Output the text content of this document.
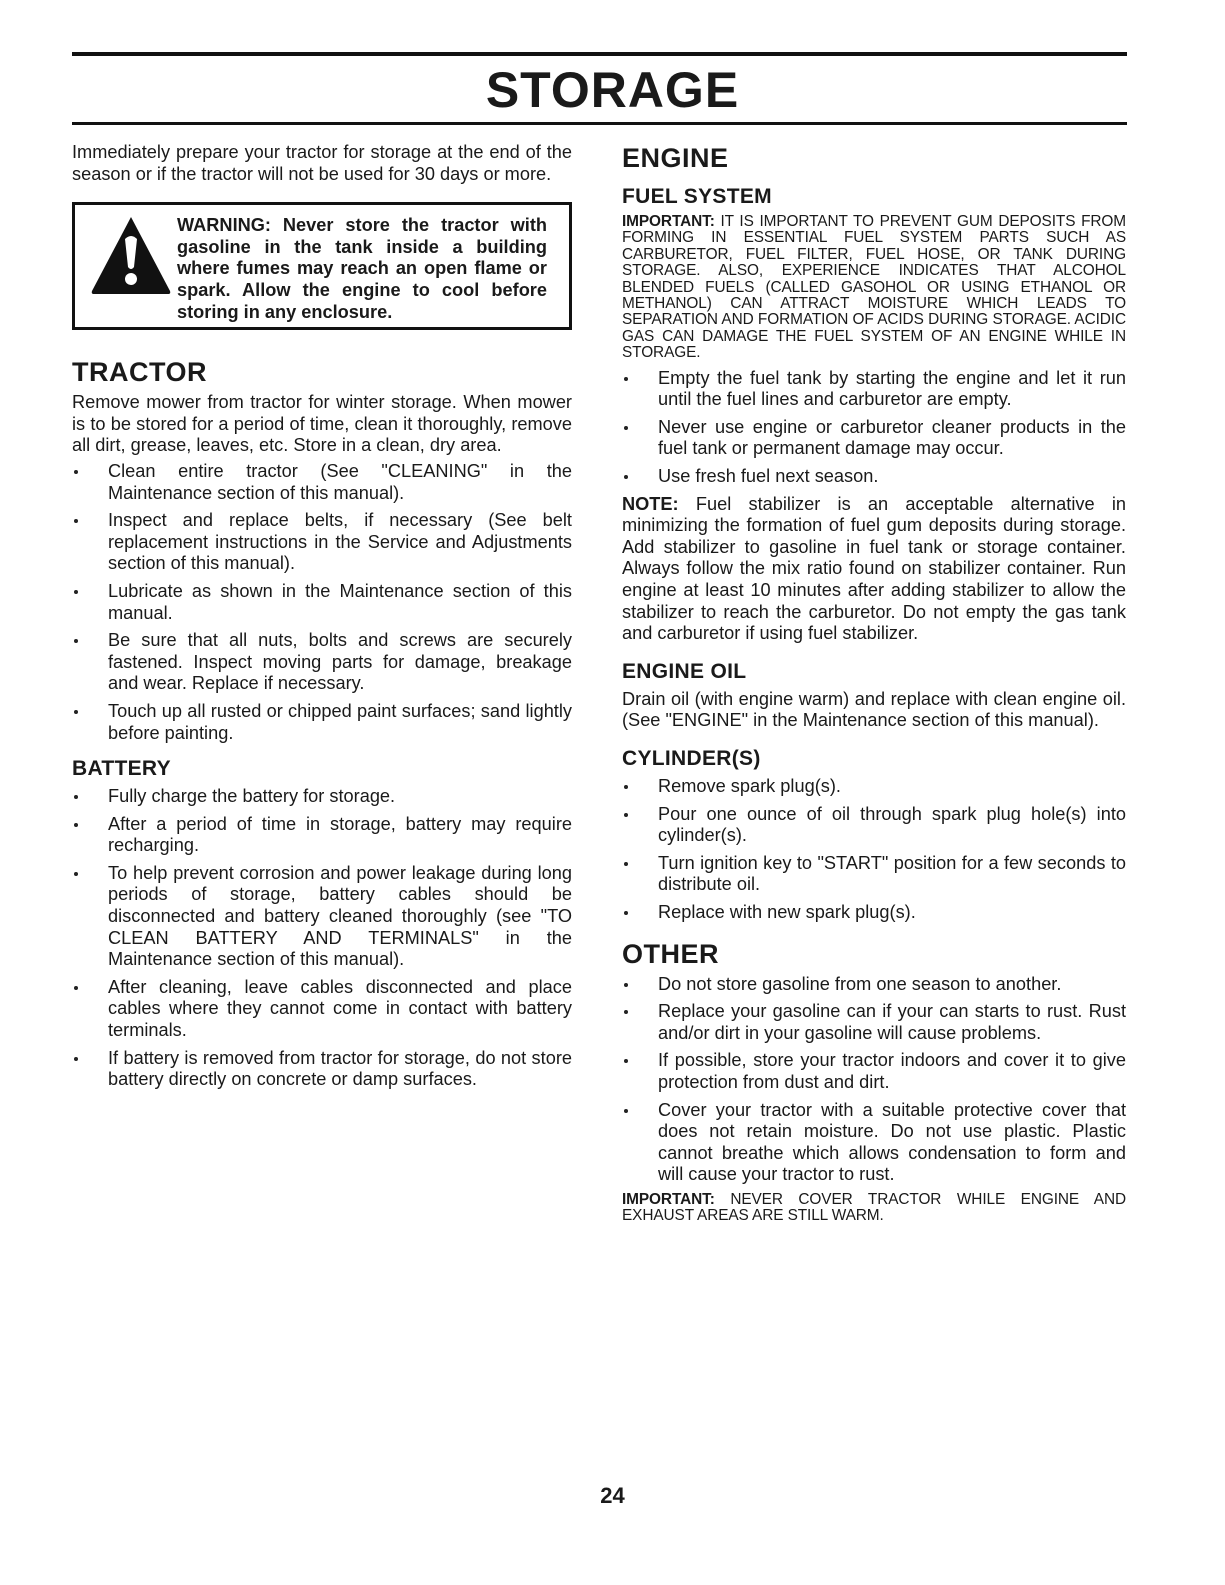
STORAGE

Immediately prepare your tractor for storage at the end of the season or if the tractor will not be used for 30 days or more.

WARNING: Never store the tractor with gasoline in the tank inside a building where fumes may reach an open flame or spark. Allow the engine to cool before storing in any enclosure.

TRACTOR

Remove mower from tractor for winter storage. When mower is to be stored for a period of time, clean it thoroughly, remove all dirt, grease, leaves, etc. Store in a clean, dry area.

Clean entire tractor (See "CLEANING" in the Maintenance section of this manual).
Inspect and replace belts, if necessary (See belt replacement instructions in the Service and Adjustments section of this manual).
Lubricate as shown in the Maintenance section of this manual.
Be sure that all nuts, bolts and screws are securely fastened. Inspect moving parts for damage, breakage and wear. Replace if necessary.
Touch up all rusted or chipped paint surfaces; sand lightly before painting.
BATTERY
Fully charge the battery for storage.
After a period of time in storage, battery may require recharging.
To help prevent corrosion and power leakage during long periods of storage, battery cables should be disconnected and battery cleaned thoroughly (see "TO CLEAN BATTERY AND TERMINALS" in the Maintenance section of this manual).
After cleaning, leave cables disconnected and place cables where they cannot come in contact with battery terminals.
If battery is removed from tractor for storage, do not store battery directly on concrete or damp surfaces.
ENGINE
FUEL SYSTEM

IMPORTANT: IT IS IMPORTANT TO PREVENT GUM DEPOSITS FROM FORMING IN ESSENTIAL FUEL SYSTEM PARTS SUCH AS CARBURETOR, FUEL FILTER, FUEL HOSE, OR TANK DURING STORAGE. ALSO, EXPERIENCE INDICATES THAT ALCOHOL BLENDED FUELS (CALLED GASOHOL OR USING ETHANOL OR METHANOL) CAN ATTRACT MOISTURE WHICH LEADS TO SEPARATION AND FORMATION OF ACIDS DURING STORAGE. ACIDIC GAS CAN DAMAGE THE FUEL SYSTEM OF AN ENGINE WHILE IN STORAGE.

Empty the fuel tank by starting the engine and let it run until the fuel lines and carburetor are empty.
Never use engine or carburetor cleaner products in the fuel tank or permanent damage may occur.
Use fresh fuel next season.

NOTE: Fuel stabilizer is an acceptable alternative in minimizing the formation of fuel gum deposits during storage. Add stabilizer to gasoline in fuel tank or storage container. Always follow the mix ratio found on stabilizer container. Run engine at least 10 minutes after adding stabilizer to allow the stabilizer to reach the carburetor. Do not empty the gas tank and carburetor if using fuel stabilizer.

ENGINE OIL

Drain oil (with engine warm) and replace with clean engine oil. (See "ENGINE" in the Maintenance section of this manual).

CYLINDER(S)
Remove spark plug(s).
Pour one ounce of oil through spark plug hole(s) into cylinder(s).
Turn ignition key to "START" position for a few seconds to distribute oil.
Replace with new spark plug(s).
OTHER
Do not store gasoline from one season to another.
Replace your gasoline can if your can starts to rust. Rust and/or dirt in your gasoline will cause problems.
If possible, store your tractor indoors and cover it to give protection from dust and dirt.
Cover your tractor with a suitable protective cover that does not retain moisture. Do not use plastic. Plastic cannot breathe which allows condensation to form and will cause your tractor to rust.

IMPORTANT: NEVER COVER TRACTOR WHILE ENGINE AND EXHAUST AREAS ARE STILL WARM.

24
